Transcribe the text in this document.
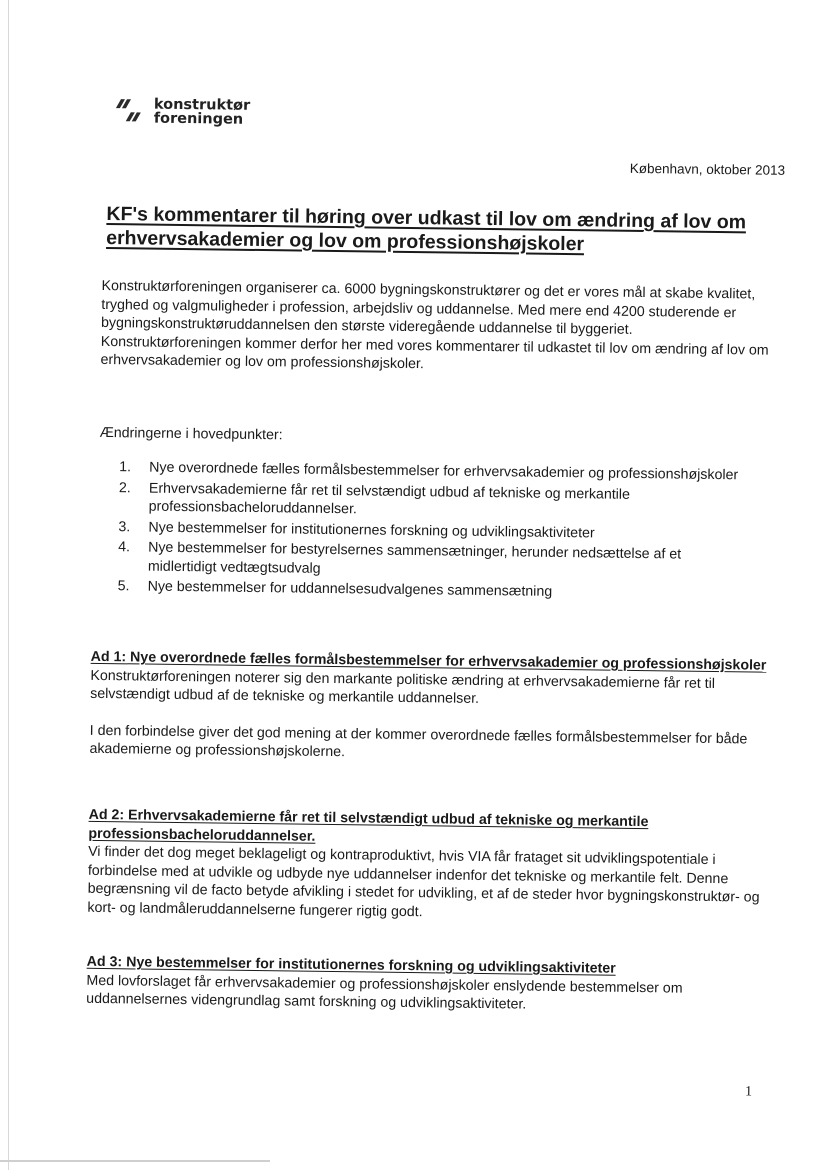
konstruktør
foreningen
København, oktober 2013
KF's kommentarer til høring over udkast til lov om ændring af lov om erhvervsakademier og lov om professionshøjskoler

Konstruktørforeningen organiserer ca. 6000 bygningskonstruktører og det er vores mål at skabe kvalitet, tryghed og valgmuligheder i profession, arbejdsliv og uddannelse. Med mere end 4200 studerende er bygningskonstruktøruddannelsen den største videregående uddannelse til byggeriet.

Konstruktørforeningen kommer derfor her med vores kommentarer til udkastet til lov om ændring af lov om erhvervsakademier og lov om professionshøjskoler.

Ændringerne i hovedpunkter:
1.	Nye overordnede fælles formålsbestemmelser for erhvervsakademier og professionshøjskoler
2.	Erhvervsakademierne får ret til selvstændigt udbud af tekniske og merkantile professionsbacheloruddannelser.
3.	Nye bestemmelser for institutionernes forskning og udviklingsaktiviteter
4.	Nye bestemmelser for bestyrelsernes sammensætninger, herunder nedsættelse af et midlertidigt vedtægtsudvalg
5.	Nye bestemmelser for uddannelsesudvalgenes sammensætning
Ad 1: Nye overordnede fælles formålsbestemmelser for erhvervsakademier og professionshøjskoler

Konstruktørforeningen noterer sig den markante politiske ændring at erhvervsakademierne får ret til selvstændigt udbud af de tekniske og merkantile uddannelser.

I den forbindelse giver det god mening at der kommer overordnede fælles formålsbestemmelser for både akademierne og professionshøjskolerne.

Ad 2: Erhvervsakademierne får ret til selvstændigt udbud af tekniske og merkantile professionsbacheloruddannelser.

Vi finder det dog meget beklageligt og kontraproduktivt, hvis VIA får frataget sit udviklingspotentiale i forbindelse med at udvikle og udbyde nye uddannelser indenfor det tekniske og merkantile felt. Denne begrænsning vil de facto betyde afvikling i stedet for udvikling, et af de steder hvor bygningskonstruktør- og kort- og landmåleruddannelserne fungerer rigtig godt.

Ad 3: Nye bestemmelser for institutionernes forskning og udviklingsaktiviteter

Med lovforslaget får erhvervsakademier og professionshøjskoler enslydende bestemmelser om uddannelsernes videngrundlag samt forskning og udviklingsaktiviteter.

1
